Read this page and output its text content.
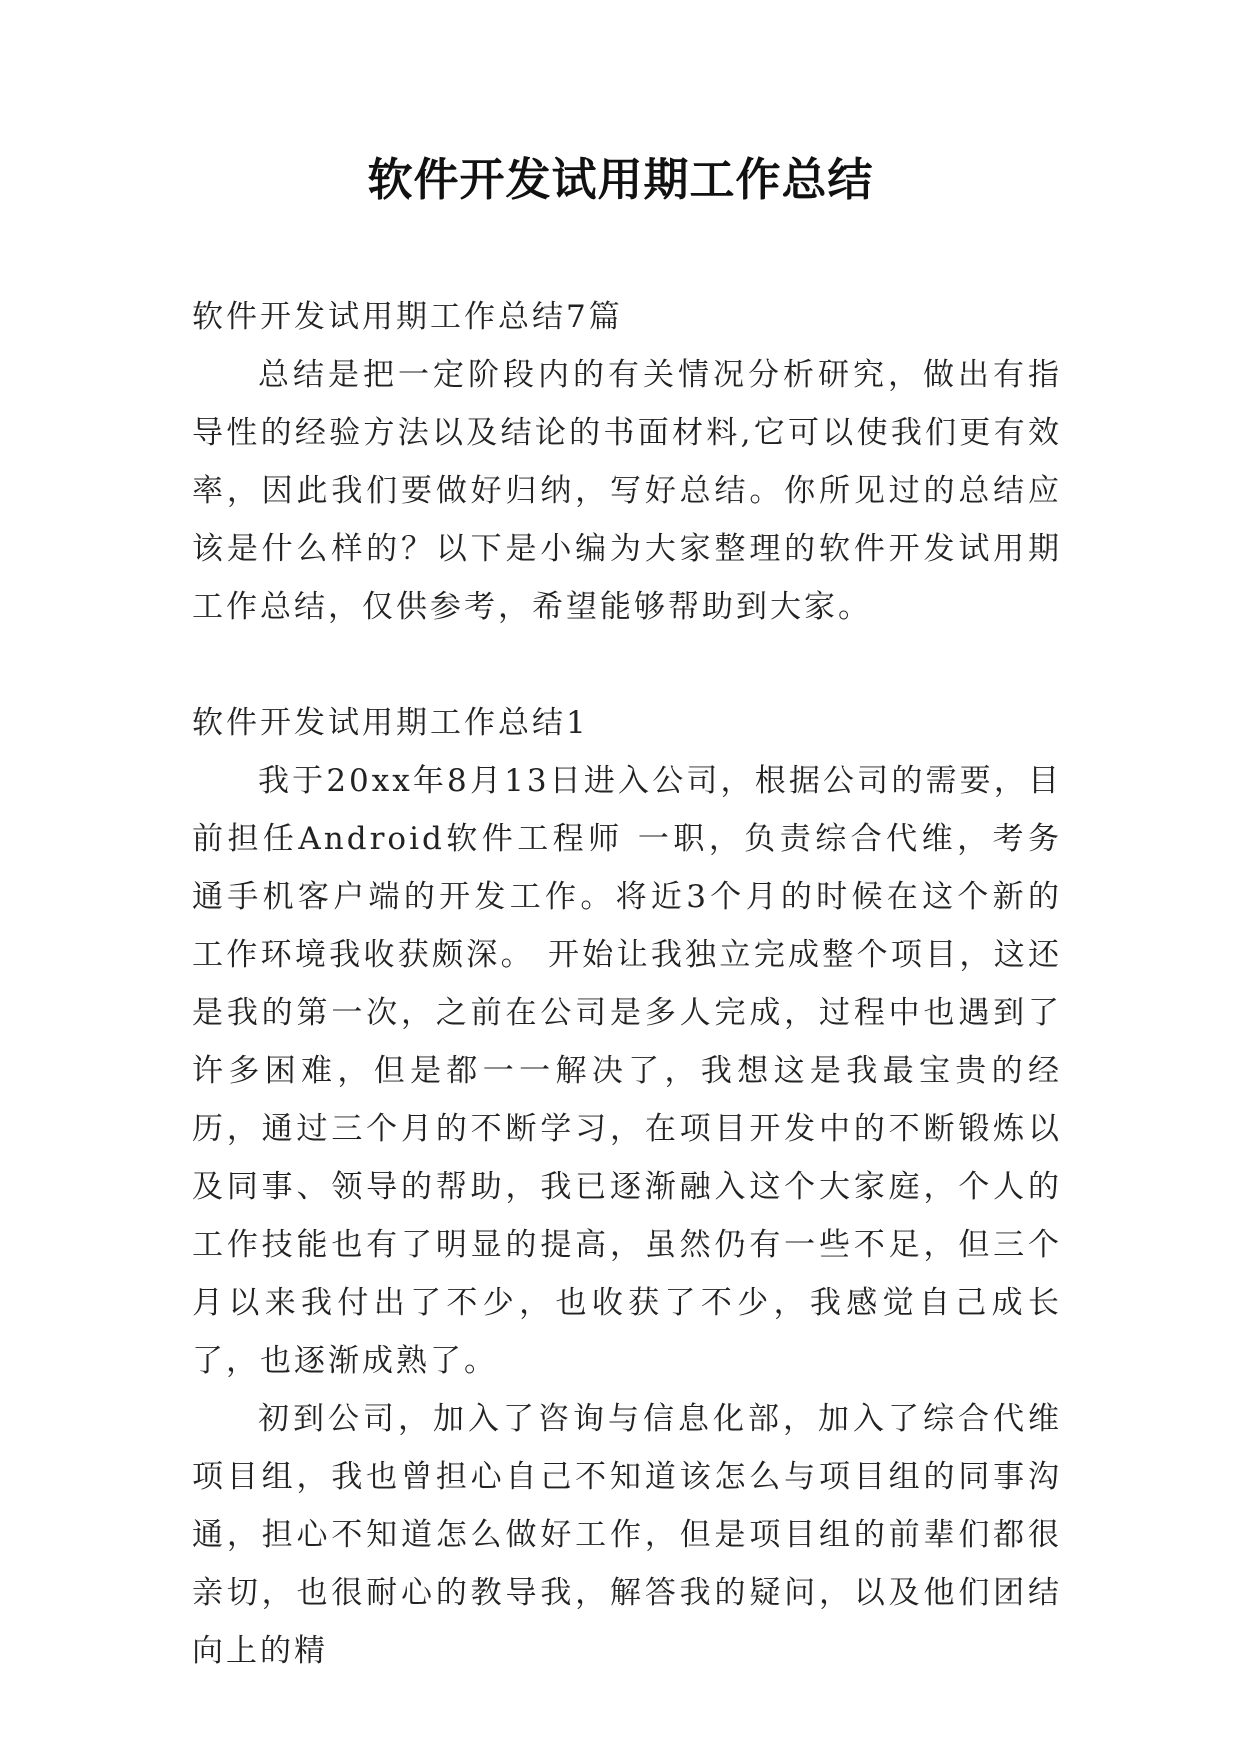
软件开发试用期工作总结

软件开发试用期工作总结7篇

总结是把一定阶段内的有关情况分析研究，做出有指导性的经验方法以及结论的书面材料,它可以使我们更有效率，因此我们要做好归纳，写好总结。你所见过的总结应该是什么样的？以下是小编为大家整理的软件开发试用期工作总结，仅供参考，希望能够帮助到大家。

软件开发试用期工作总结1

我于20xx年8月13日进入公司，根据公司的需要，目前担任Android软件工程师 一职，负责综合代维，考务通手机客户端的开发工作。将近3个月的时候在这个新的工作环境我收获颇深。 开始让我独立完成整个项目，这还是我的第一次，之前在公司是多人完成，过程中也遇到了许多困难，但是都一一解决了，我想这是我最宝贵的经历，通过三个月的不断学习，在项目开发中的不断锻炼以及同事、领导的帮助，我已逐渐融入这个大家庭，个人的工作技能也有了明显的提高，虽然仍有一些不足，但三个月以来我付出了不少，也收获了不少，我感觉自己成长了，也逐渐成熟了。

初到公司，加入了咨询与信息化部，加入了综合代维项目组，我也曾担心自己不知道该怎么与项目组的同事沟通，担心不知道怎么做好工作，但是项目组的前辈们都很亲切，也很耐心的教导我，解答我的疑问，以及他们团结向上的精
